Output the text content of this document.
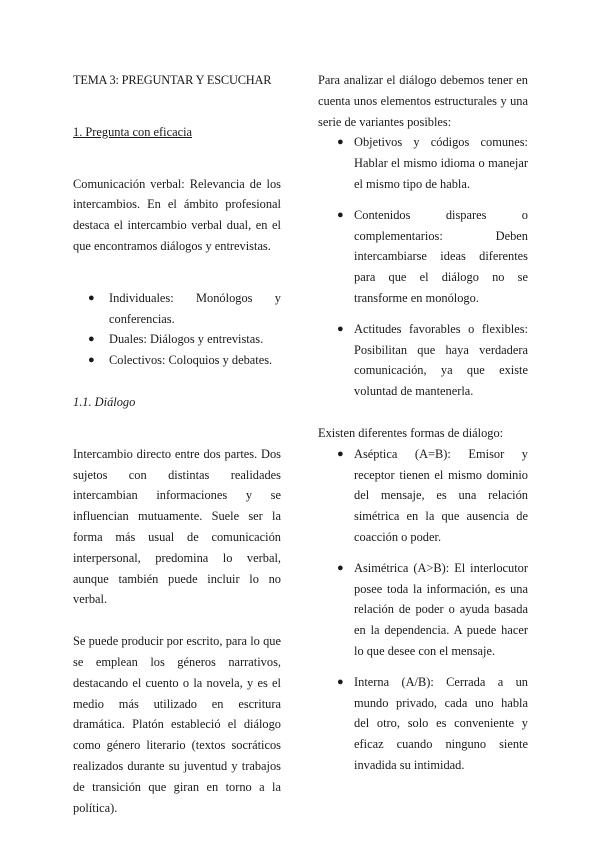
TEMA 3: PREGUNTAR Y ESCUCHAR

1. Pregunta con eficacia

Comunicación verbal: Relevancia de los intercambios. En el ámbito profesional destaca el intercambio verbal dual, en el que encontramos diálogos y entrevistas.

● Individuales: Monólogos y conferencias.
● Duales: Diálogos y entrevistas.
● Colectivos: Coloquios y debates.

1.1. Diálogo

Intercambio directo entre dos partes. Dos sujetos con distintas realidades intercambian informaciones y se influencian mutuamente. Suele ser la forma más usual de comunicación interpersonal, predomina lo verbal, aunque también puede incluir lo no verbal.

Se puede producir por escrito, para lo que se emplean los géneros narrativos, destacando el cuento o la novela, y es el medio más utilizado en escritura dramática. Platón estableció el diálogo como género literario (textos socráticos realizados durante su juventud y trabajos de transición que giran en torno a la política).

Para analizar el diálogo debemos tener en cuenta unos elementos estructurales y una serie de variantes posibles:

● Objetivos y códigos comunes: Hablar el mismo idioma o manejar el mismo tipo de habla.
● Contenidos dispares o complementarios: Deben intercambiarse ideas diferentes para que el diálogo no se transforme en monólogo.
● Actitudes favorables o flexibles: Posibilitan que haya verdadera comunicación, ya que existe voluntad de mantenerla.

Existen diferentes formas de diálogo:

● Aséptica (A=B): Emisor y receptor tienen el mismo dominio del mensaje, es una relación simétrica en la que ausencia de coacción o poder.
● Asimétrica (A>B): El interlocutor posee toda la información, es una relación de poder o ayuda basada en la dependencia. A puede hacer lo que desee con el mensaje.
● Interna (A/B): Cerrada a un mundo privado, cada uno habla del otro, solo es conveniente y eficaz cuando ninguno siente invadida su intimidad.
